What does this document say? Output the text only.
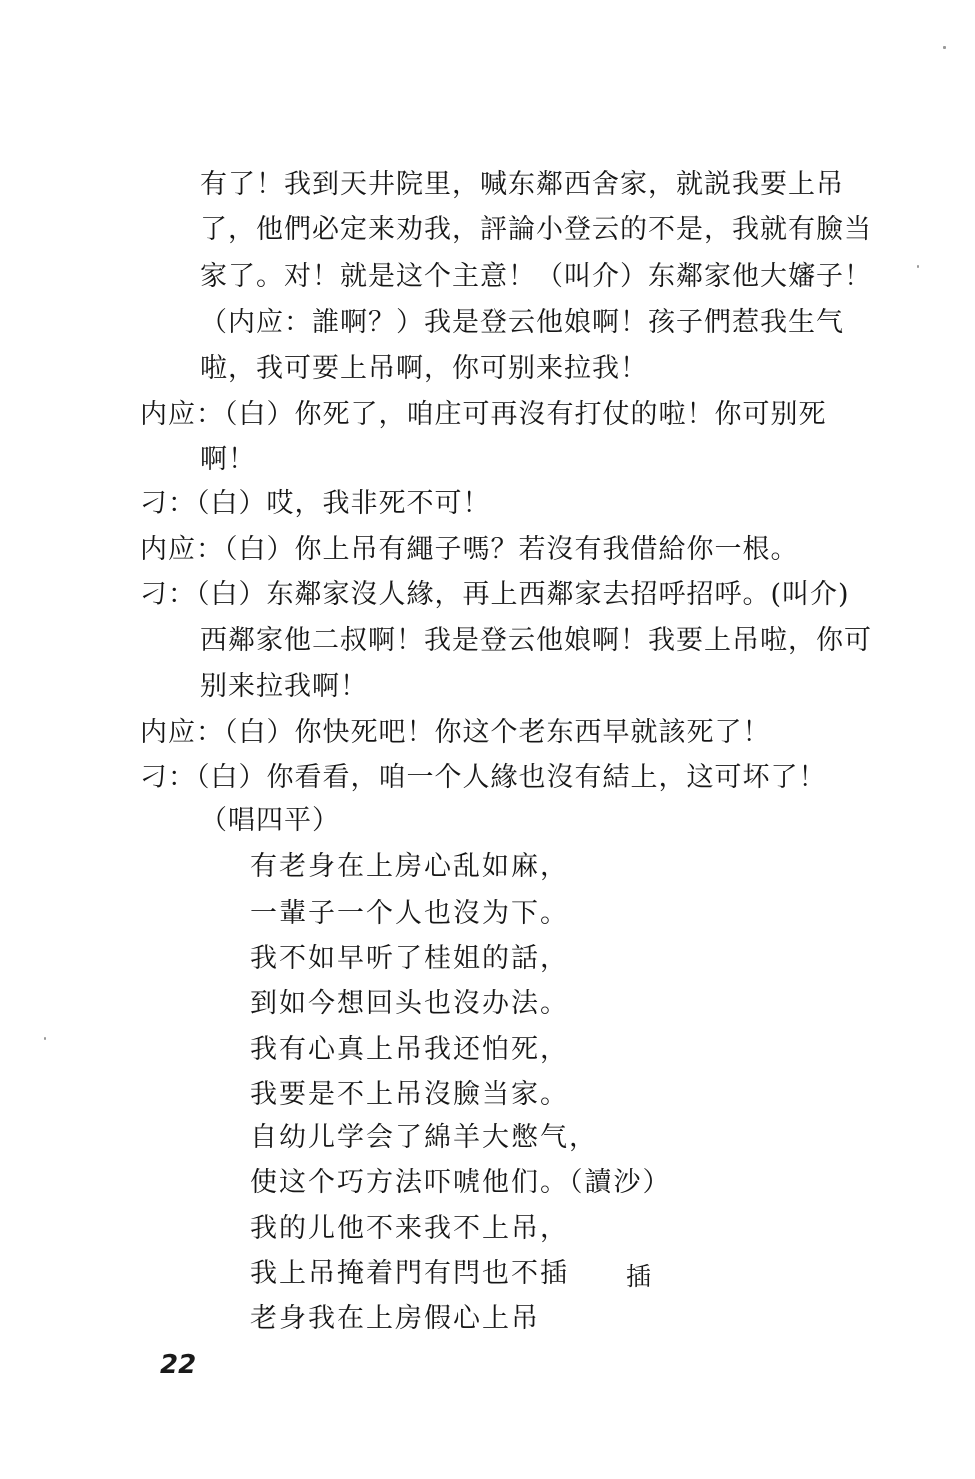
有了！我到天井院里，喊东鄰西舍家，就説我要上吊
了，他們必定来劝我，評論小登云的不是，我就有臉当
家了。对！就是这个主意！（叫介）东鄰家他大嬸子！
（内应：誰啊？）我是登云他娘啊！孩子們惹我生气
啦，我可要上吊啊，你可别来拉我！
内应：（白）你死了，咱庄可再沒有打仗的啦！你可别死
啊！
刁：（白）哎，我非死不可！
内应：（白）你上吊有繩子嗎？若沒有我借給你一根。
刁：（白）东鄰家沒人緣，再上西鄰家去招呼招呼。(叫介)
西鄰家他二叔啊！我是登云他娘啊！我要上吊啦，你可
别来拉我啊！
内应：（白）你快死吧！你这个老东西早就該死了！
刁：（白）你看看，咱一个人緣也沒有結上，这可坏了！
（唱四平）
有老身在上房心乱如麻，
一輩子一个人也沒为下。
我不如早听了桂姐的話，
到如今想回头也沒办法。
我有心真上吊我还怕死，
我要是不上吊沒臉当家。
自幼儿学会了綿羊大憋气，
使这个巧方法吓唬他们。（讀沙）
我的儿他不来我不上吊，
我上吊掩着門有閂也不插
老身我在上房假心上吊
插
22
